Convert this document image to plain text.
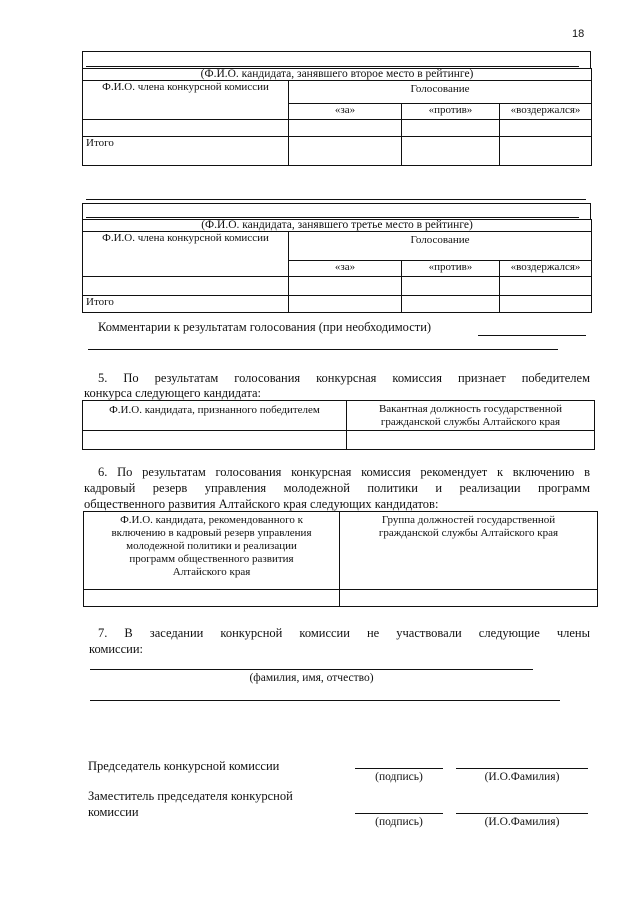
18
(Ф.И.О. кандидата, занявшего второе место в рейтинге)			
Ф.И.О. члена конкурсной комиссии	Голосование		
	«за»	«против»	«воздержался»

Итого			
(Ф.И.О. кандидата, занявшего третье место в рейтинге)			
Ф.И.О. члена конкурсной комиссии	Голосование		
	«за»	«против»	«воздержался»

Итого			
Комментарии к результатам голосования (при необходимости)
5. По результатам голосования конкурсная комиссия признает победителем
конкурса следующего кандидата:
Ф.И.О. кандидата, признанного победителем	Вакантная должность государственной гражданской службы Алтайского края

6. По результатам голосования конкурсная комиссия рекомендует к включению в
кадровый резерв управления молодежной политики и реализации программ
общественного развития Алтайского края следующих кандидатов:
Ф.И.О. кандидата, рекомендованного к включению в кадровый резерв управления молодежной политики и реализации программ общественного развития Алтайского края	Группа должностей государственной гражданской службы Алтайского края

7. В заседании конкурсной комиссии не участвовали следующие члены
комиссии:
(фамилия, имя, отчество)
Председатель конкурсной комиссии
(подпись)	(И.О.Фамилия)
Заместитель председателя конкурсной
комиссии
(подпись)	(И.О.Фамилия)
